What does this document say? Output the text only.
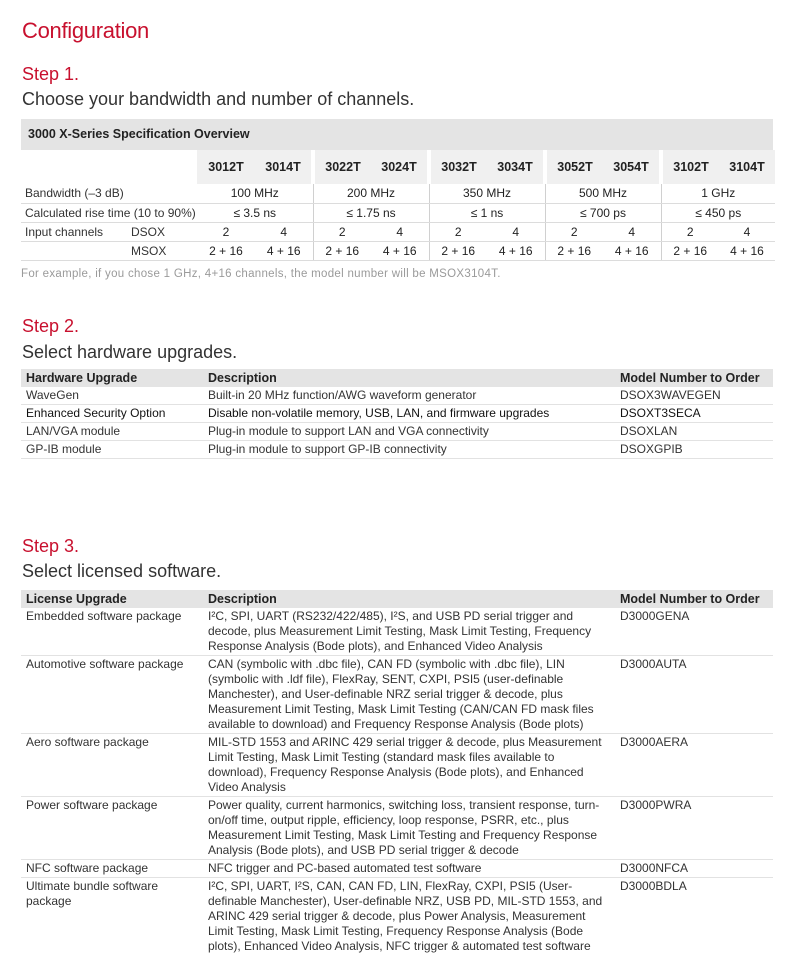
Configuration
Step 1.
Choose your bandwidth and number of channels.
3000 X-Series Specification Overview
		3012T	3014T	3022T	3024T	3032T	3034T	3052T	3054T	3102T	3104T
Bandwidth (–3 dB)		100 MHz		200 MHz		350 MHz		500 MHz		1 GHz	
Calculated rise time (10 to 90%)		≤ 3.5 ns		≤ 1.75 ns		≤ 1 ns		≤ 700 ps		≤ 450 ps	
Input channels	DSOX	2	4	2	4	2	4	2	4	2	4
	MSOX	2 + 16	4 + 16	2 + 16	4 + 16	2 + 16	4 + 16	2 + 16	4 + 16	2 + 16	4 + 16
For example, if you chose 1 GHz, 4+16 channels, the model number will be MSOX3104T.
Step 2.
Select hardware upgrades.
Hardware Upgrade	Description	Model Number to Order
WaveGen	Built-in 20 MHz function/AWG waveform generator	DSOX3WAVEGEN
Enhanced Security Option	Disable non-volatile memory, USB, LAN, and firmware upgrades	DSOXT3SECA
LAN/VGA module	Plug-in module to support LAN and VGA connectivity	DSOXLAN
GP-IB module	Plug-in module to support GP-IB connectivity	DSOXGPIB
Step 3.
Select licensed software.
License Upgrade	Description	Model Number to Order
Embedded software package	I²C, SPI, UART (RS232/422/485), I²S, and USB PD serial trigger and decode, plus Measurement Limit Testing, Mask Limit Testing, Frequency Response Analysis (Bode plots), and Enhanced Video Analysis	D3000GENA
Automotive software package	CAN (symbolic with .dbc file), CAN FD (symbolic with .dbc file), LIN (symbolic with .ldf file), FlexRay, SENT, CXPI, PSI5 (user-definable Manchester), and User-definable NRZ serial trigger & decode, plus Measurement Limit Testing, Mask Limit Testing (CAN/CAN FD mask files available to download) and Frequency Response Analysis (Bode plots)	D3000AUTA
Aero software package	MIL-STD 1553 and ARINC 429 serial trigger & decode, plus Measurement Limit Testing, Mask Limit Testing (standard mask files available to download), Frequency Response Analysis (Bode plots), and Enhanced Video Analysis	D3000AERA
Power software package	Power quality, current harmonics, switching loss, transient response, turn-on/off time, output ripple, efficiency, loop response, PSRR, etc., plus Measurement Limit Testing, Mask Limit Testing and Frequency Response Analysis (Bode plots), and USB PD serial trigger & decode	D3000PWRA
NFC software package	NFC trigger and PC-based automated test software	D3000NFCA
Ultimate bundle software package	I²C, SPI, UART, I²S, CAN, CAN FD, LIN, FlexRay, CXPI, PSI5 (User-definable Manchester), User-definable NRZ, USB PD, MIL-STD 1553, and ARINC 429 serial trigger & decode, plus Power Analysis, Measurement Limit Testing, Mask Limit Testing, Frequency Response Analysis (Bode plots), Enhanced Video Analysis, NFC trigger & automated test software	D3000BDLA
